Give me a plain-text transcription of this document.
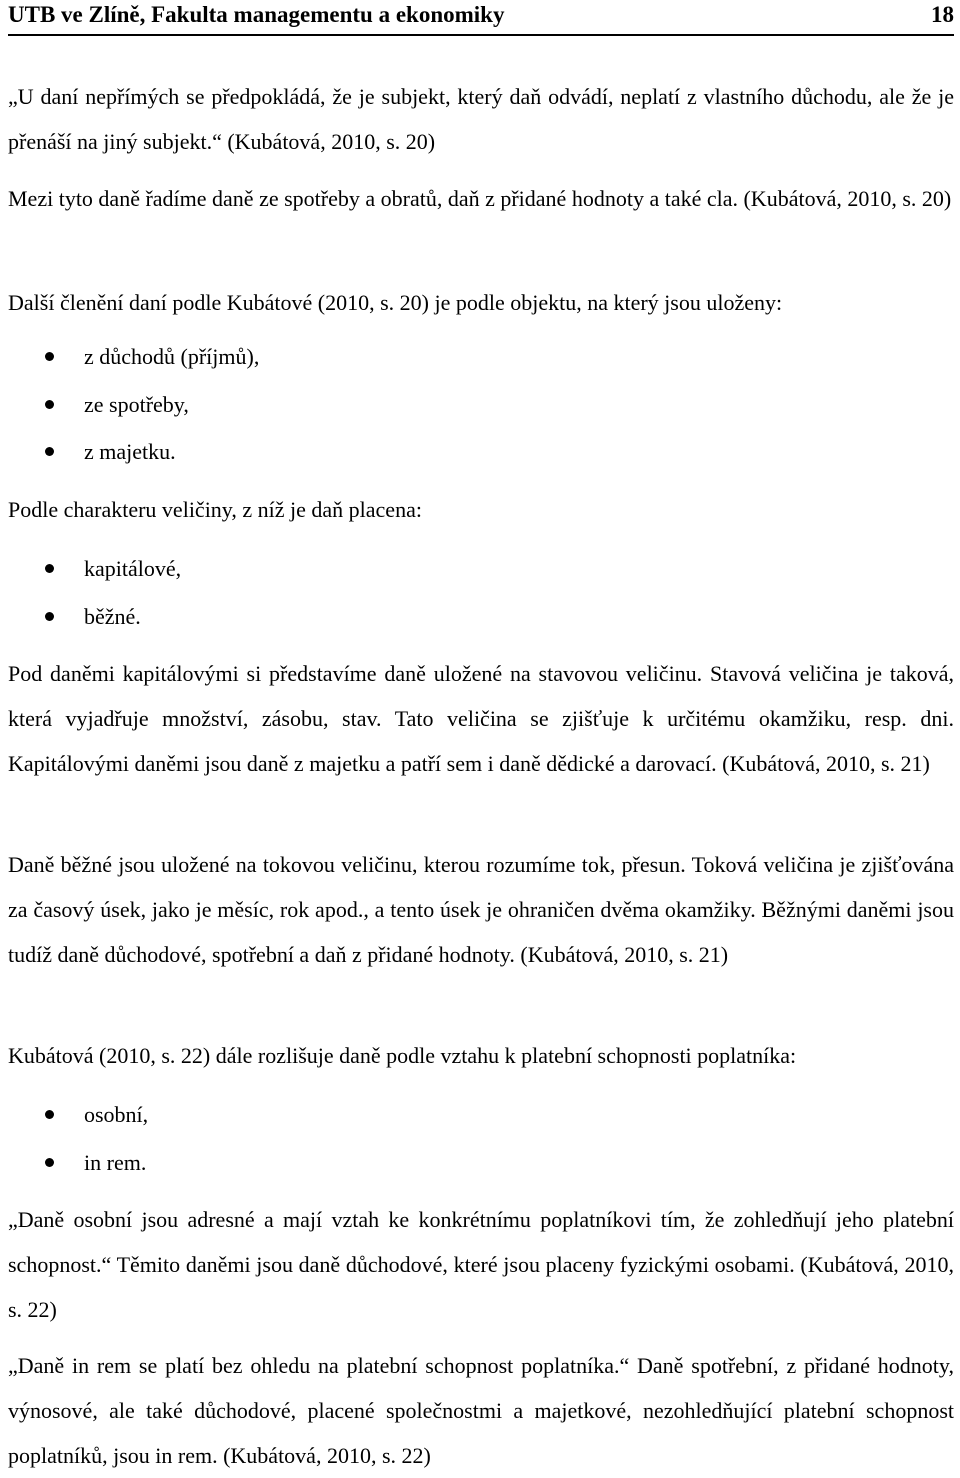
UTB ve Zlíně, Fakulta managementu a ekonomiky	18

„U daní nepřímých se předpokládá, že je subjekt, který daň odvádí, neplatí z vlastního důchodu, ale že je přenáší na jiný subjekt.“ (Kubátová, 2010, s. 20)

Mezi tyto daně řadíme daně ze spotřeby a obratů, daň z přidané hodnoty a také cla. (Kubátová, 2010, s. 20)

Další členění daní podle Kubátové (2010, s. 20) je podle objektu, na který jsou uloženy:

z důchodů (příjmů),
ze spotřeby,
z majetku.

Podle charakteru veličiny, z níž je daň placena:

kapitálové,
běžné.

Pod daněmi kapitálovými si představíme daně uložené na stavovou veličinu. Stavová veličina je taková, která vyjadřuje množství, zásobu, stav. Tato veličina se zjišťuje k určitému okamžiku, resp. dni. Kapitálovými daněmi jsou daně z majetku a patří sem i daně dědické a darovací. (Kubátová, 2010, s. 21)

Daně běžné jsou uložené na tokovou veličinu, kterou rozumíme tok, přesun. Toková veličina je zjišťována za časový úsek, jako je měsíc, rok apod., a tento úsek je ohraničen dvěma okamžiky. Běžnými daněmi jsou tudíž daně důchodové, spotřební a daň z přidané hodnoty. (Kubátová, 2010, s. 21)

Kubátová (2010, s. 22) dále rozlišuje daně podle vztahu k platební schopnosti poplatníka:

osobní,
in rem.

„Daně osobní jsou adresné a mají vztah ke konkrétnímu poplatníkovi tím, že zohledňují jeho platební schopnost.“ Těmito daněmi jsou daně důchodové, které jsou placeny fyzickými osobami. (Kubátová, 2010, s. 22)

„Daně in rem se platí bez ohledu na platební schopnost poplatníka.“ Daně spotřební, z přidané hodnoty, výnosové, ale také důchodové, placené společnostmi a majetkové, nezohledňující platební schopnost poplatníků, jsou in rem. (Kubátová, 2010, s. 22)
